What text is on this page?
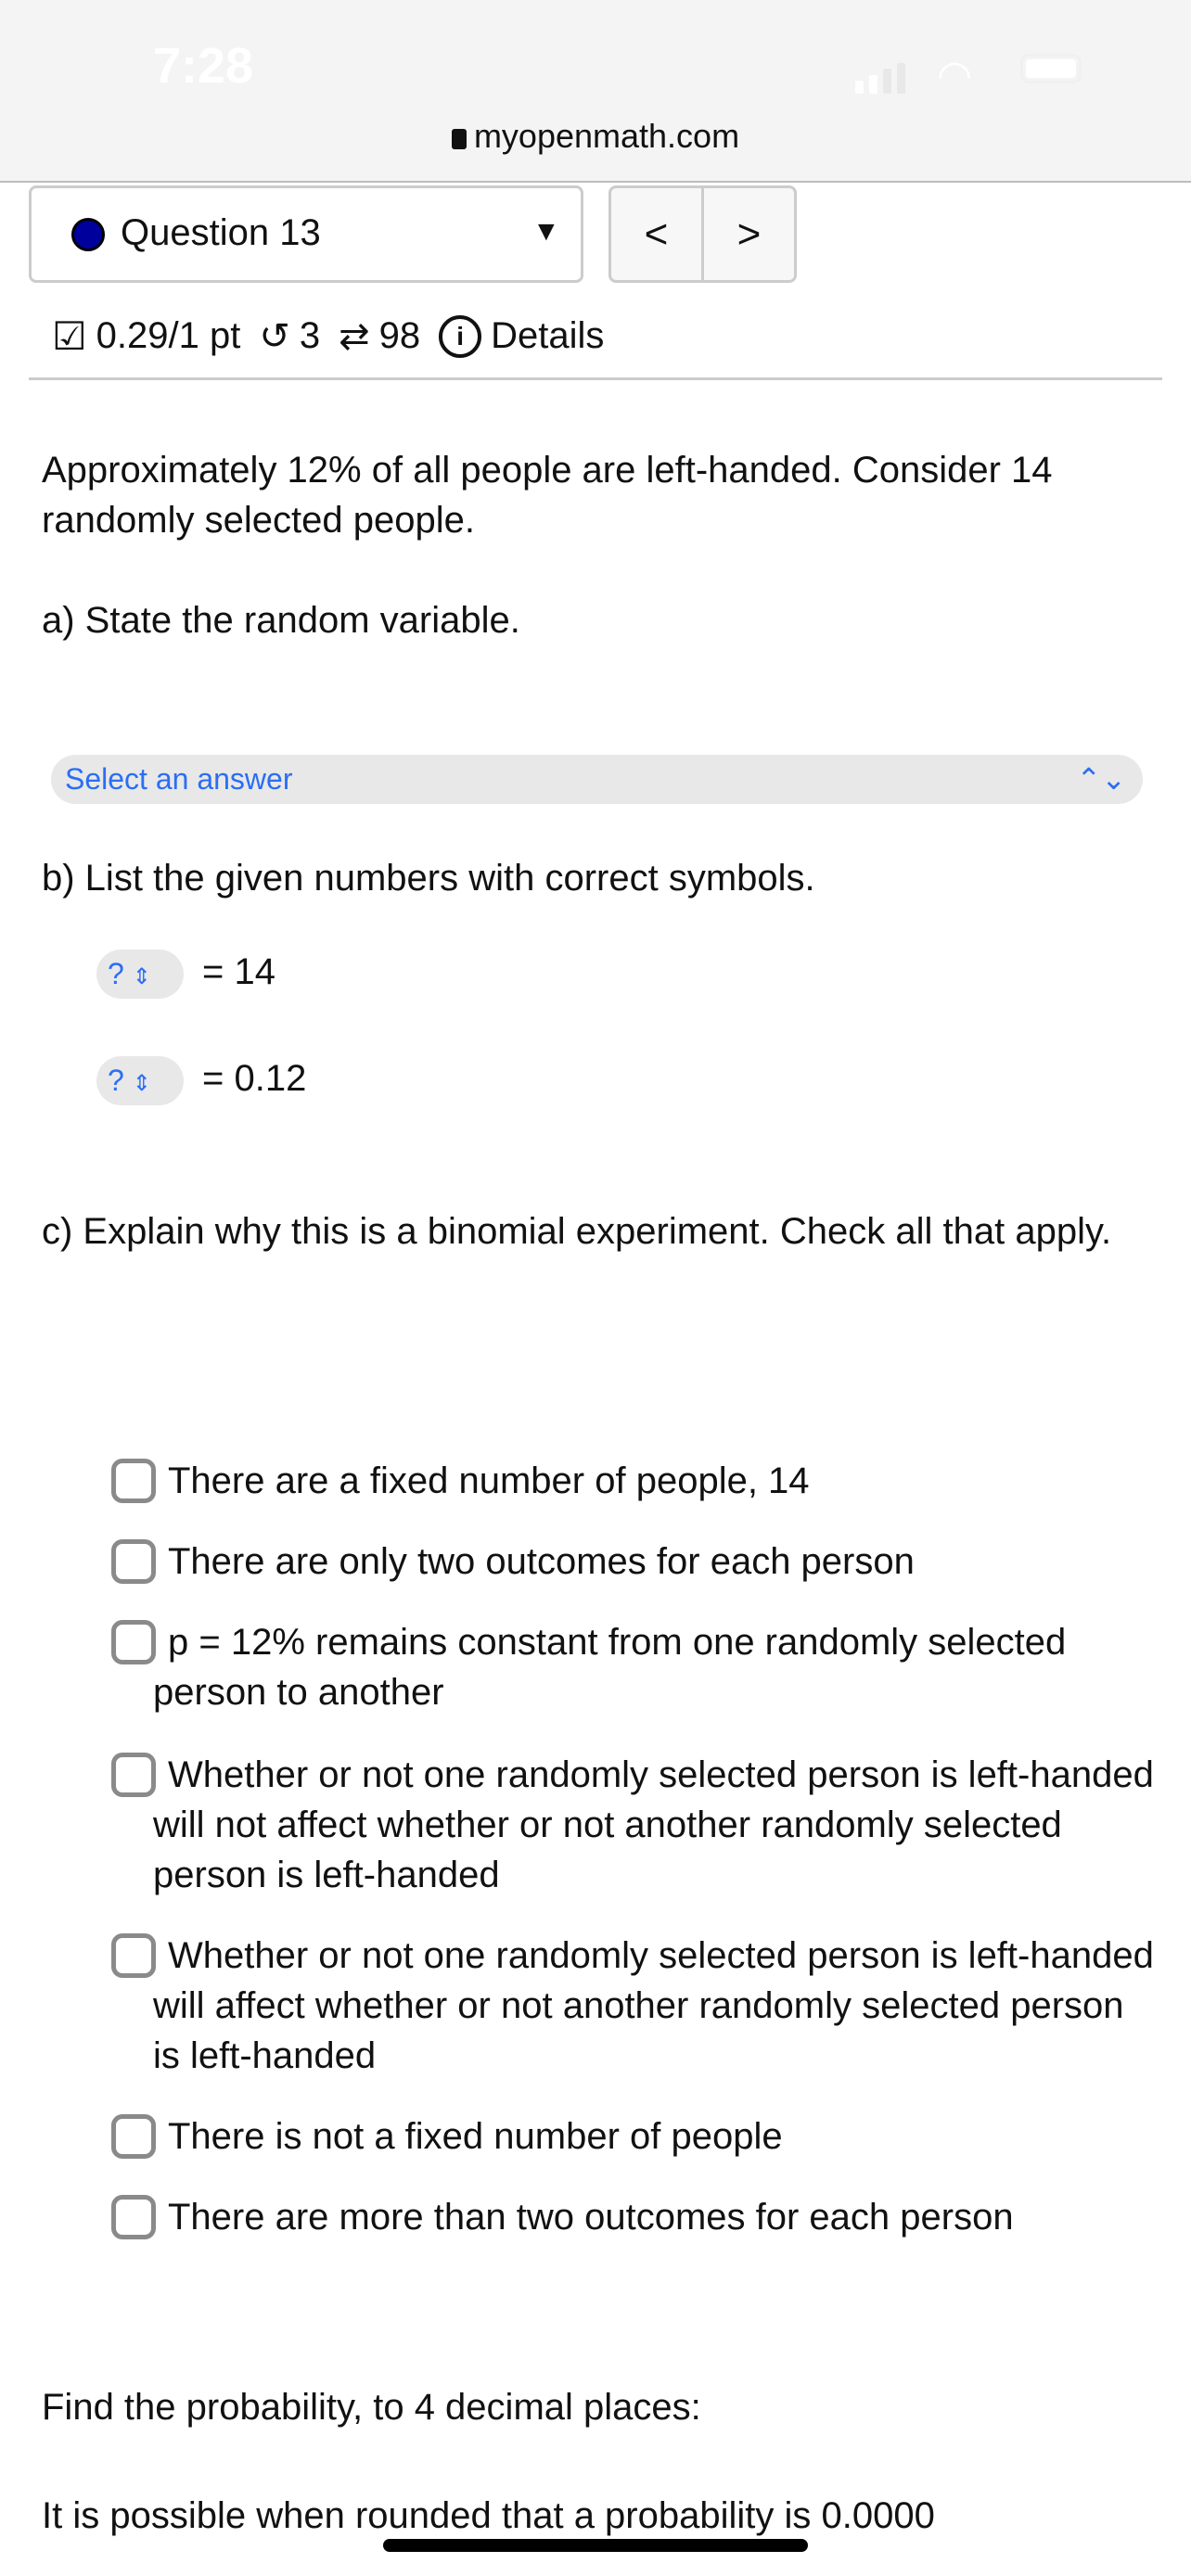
7:28	◠
myopenmath.com
Question 13	▼	<	>
☑ 0.29/1 pt ↺ 3 ⇄ 98	i Details
Approximately 12% of all people are left-handed. Consider 14 randomly selected people.
a) State the random variable.
Select an answer	⌃⌄
b) List the given numbers with correct symbols.
? ⇕	= 14
? ⇕	= 0.12
c) Explain why this is a binomial experiment. Check all that apply.
There are a fixed number of people, 14
There are only two outcomes for each person
p = 12% remains constant from one randomly selected person to another
Whether or not one randomly selected person is left-handed will not affect whether or not another randomly selected person is left-handed
Whether or not one randomly selected person is left-handed will affect whether or not another randomly selected person is left-handed
There is not a fixed number of people
There are more than two outcomes for each person
Find the probability, to 4 decimal places:
It is possible when rounded that a probability is 0.0000
